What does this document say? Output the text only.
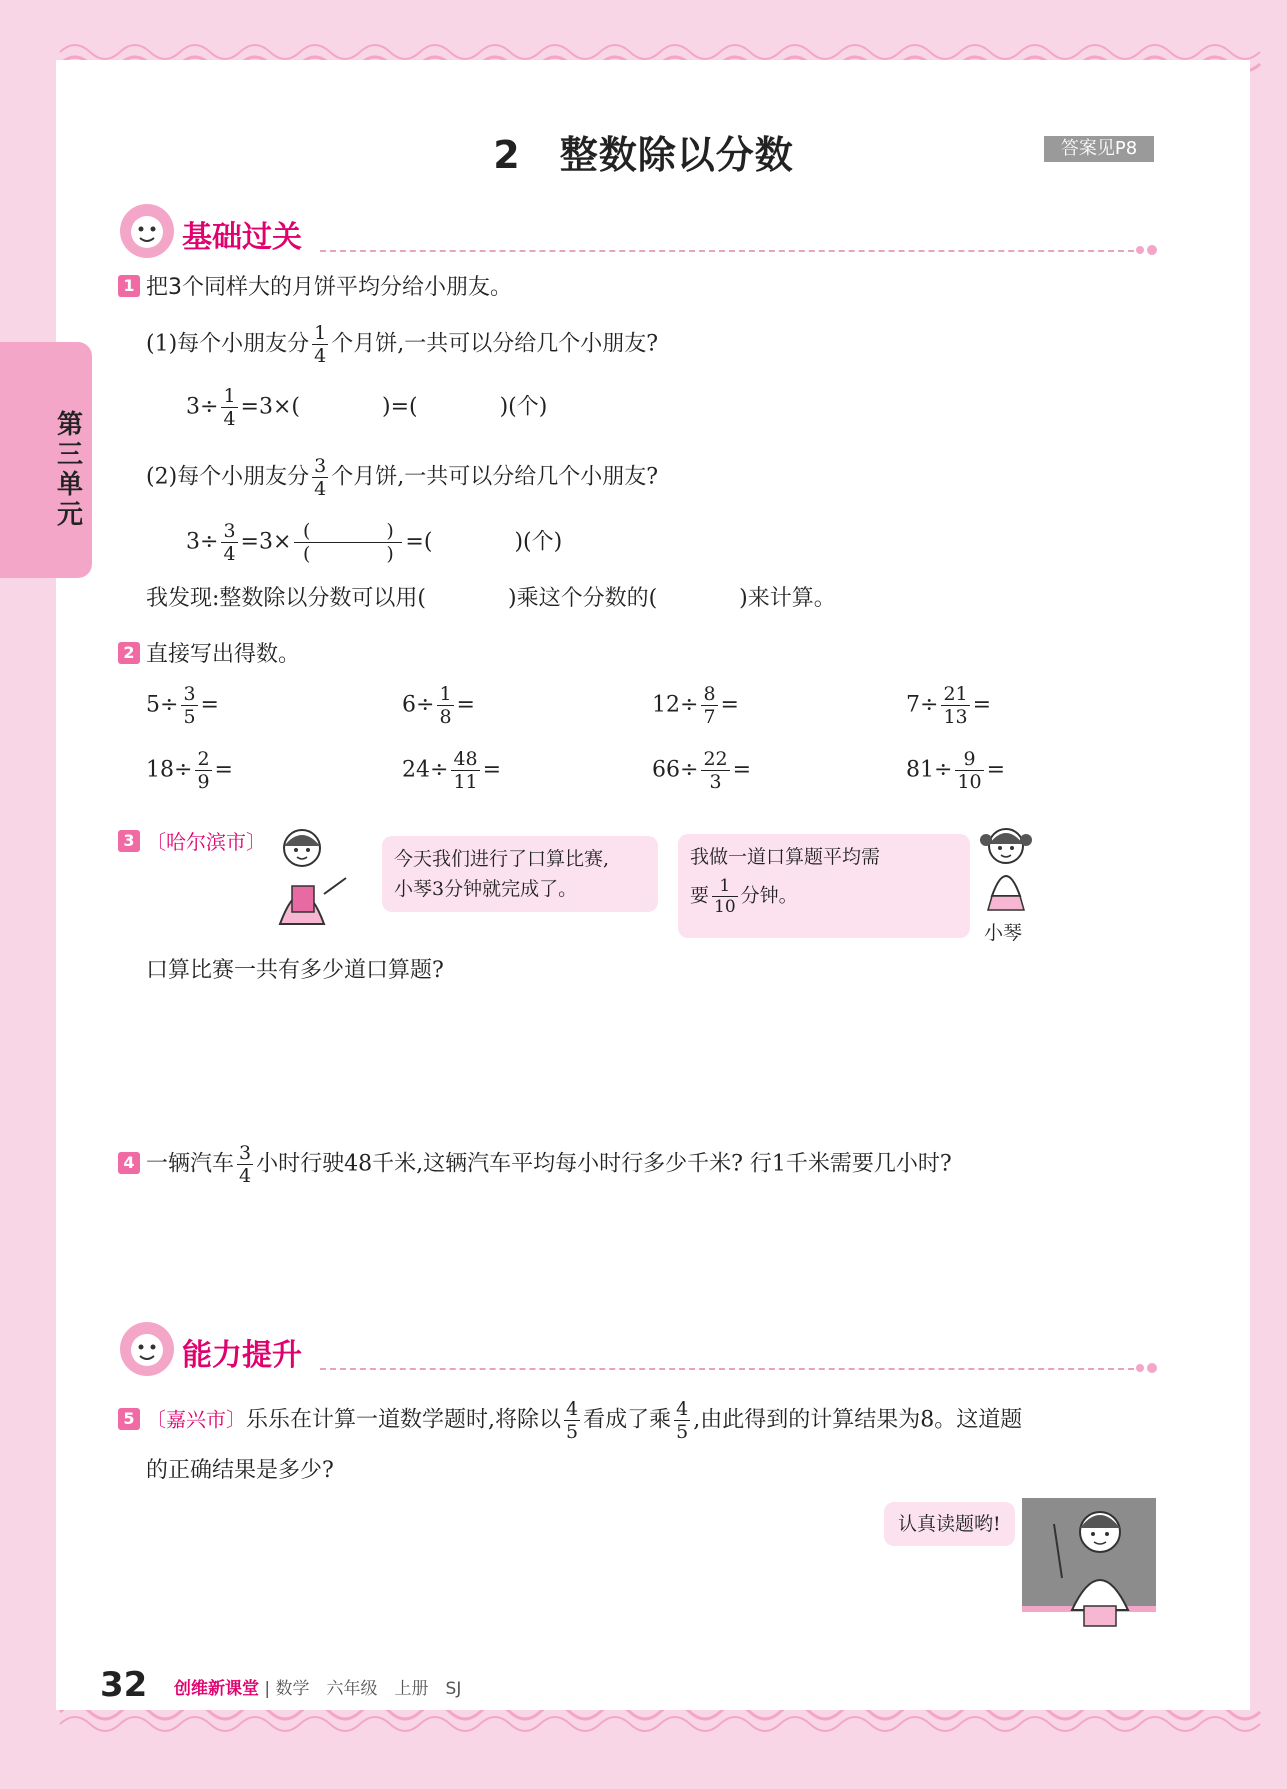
第三单元
2　整数除以分数	答案见P8
基础过关
1 把3个同样大的月饼平均分给小朋友。
(1)每个小朋友分 $\frac{1}{4}$ 个月饼,一共可以分给几个小朋友?
$3\div \frac{1}{4} =3\times$(	)=(	)(个)
(2)每个小朋友分 $\frac{3}{4}$ 个月饼,一共可以分给几个小朋友?
$3\div \frac{3}{4} =3\times \frac{( )}{( )}$ =(	)(个)
我发现:整数除以分数可以用(	)乘这个分数的(	)来计算。
2 直接写出得数。
$5\div \frac{3}{5}$ =	$6\div \frac{1}{8}$ =	$12\div \frac{8}{7}$ =	$7\div \frac{21}{13}$ =
$18\div \frac{2}{9}$ =	$24\div \frac{48}{11}$ =	$66\div \frac{22}{3}$ =	$81\div \frac{9}{10}$ =
3 〔哈尔滨市〕
今天我们进行了口算比赛,
小琴3分钟就完成了。
我做一道口算题平均需
要 $\frac{1}{10}$ 分钟。
小琴
口算比赛一共有多少道口算题?
4 一辆汽车 $\frac{3}{4}$ 小时行驶48千米,这辆汽车平均每小时行多少千米? 行1千米需要几小时?
能力提升
5 〔嘉兴市〕乐乐在计算一道数学题时,将除以 $\frac{4}{5}$ 看成了乘 $\frac{4}{5}$ ,由此得到的计算结果为8。这道题
的正确结果是多少?
认真读题哟!
32 创维新课堂 | 数学　六年级　上册　SJ
